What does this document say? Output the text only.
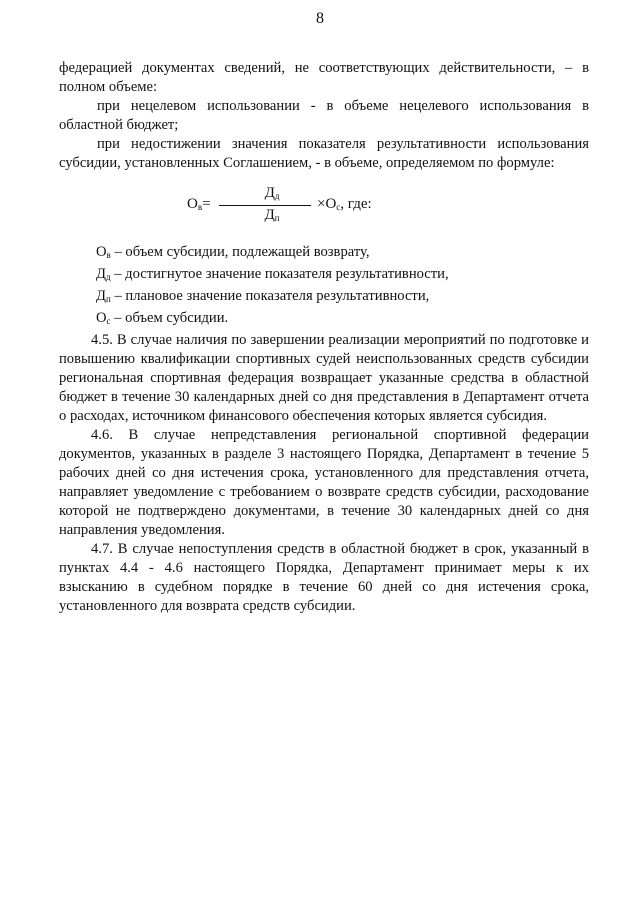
8

федерацией документах сведений, не соответствующих действительности, – в полном объеме:

при нецелевом использовании - в объеме нецелевого использования в областной бюджет;

при недостижении значения показателя результативности использования субсидии, установленных Соглашением, - в объеме, определяемом по формуле:

$О_в=$
$Д_д$
$Д_п$
$\times О_с$, где:
$О_в$ – объем субсидии, подлежащей возврату,
$Д_д$ – достигнутое значение показателя результативности,
$Д_п$ – плановое значение показателя результативности,
$О_с$ – объем субсидии.

4.5. В случае наличия по завершении реализации мероприятий по подготовке и повышению квалификации спортивных судей неиспользованных средств субсидии региональная спортивная федерация возвращает указанные средства в областной бюджет в течение 30 календарных дней со дня представления в Департамент отчета о расходах, источником финансового обеспечения которых является субсидия.

4.6. В случае непредставления региональной спортивной федерации документов, указанных в разделе 3 настоящего Порядка, Департамент в течение 5 рабочих дней со дня истечения срока, установленного для представления отчета, направляет уведомление с требованием о возврате средств субсидии, расходование которой не подтверждено документами, в течение 30 календарных дней со дня направления уведомления.

4.7. В случае непоступления средств в областной бюджет в срок, указанный в пунктах 4.4 - 4.6 настоящего Порядка, Департамент принимает меры к их взысканию в судебном порядке в течение 60 дней со дня истечения срока, установленного для возврата средств субсидии.
